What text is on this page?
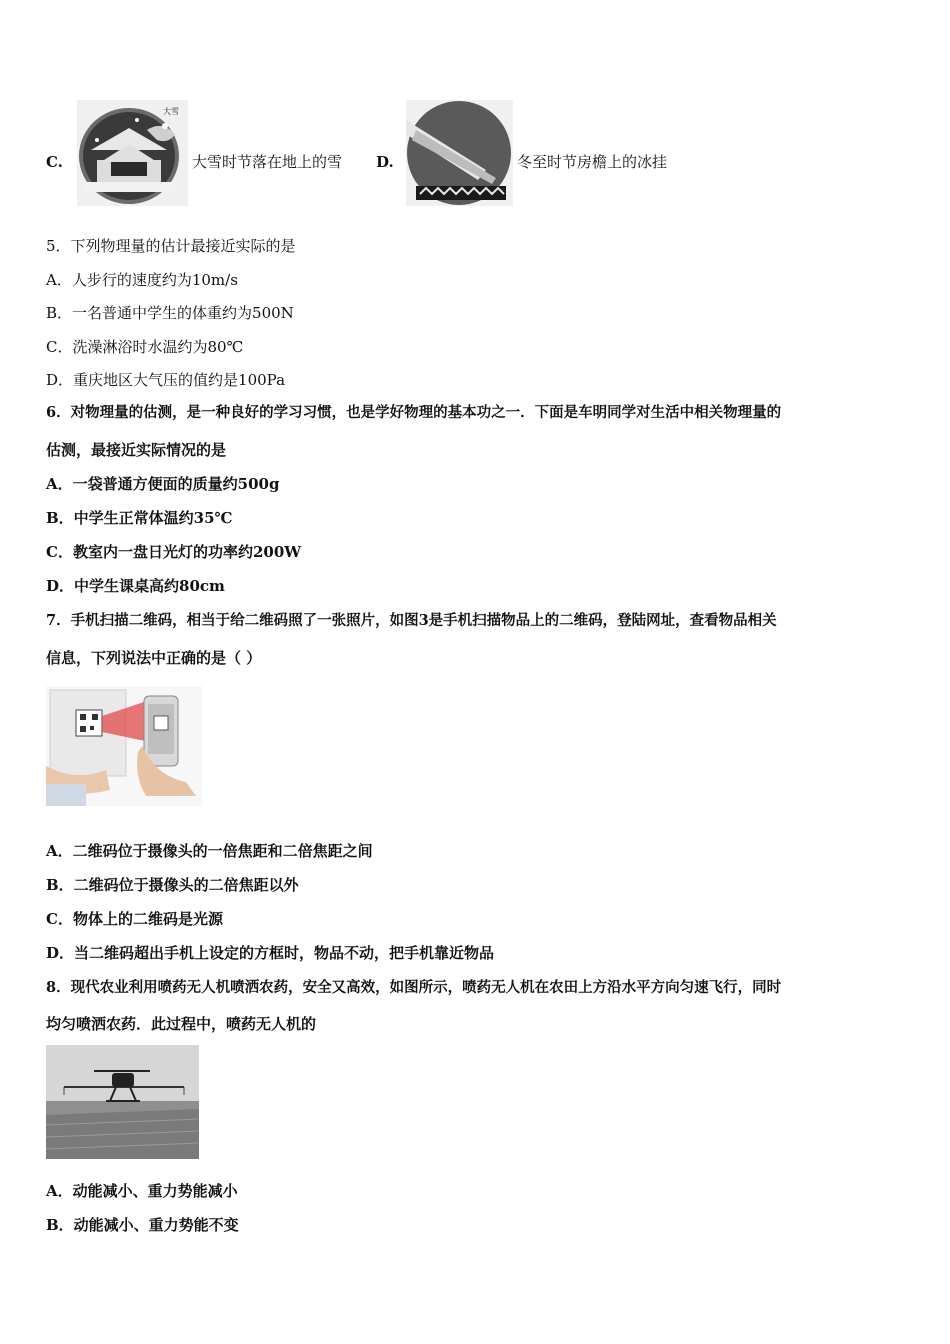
C.
大雪
大雪时节落在地上的雪 D.	冬至时节房檐上的冰挂
5．下列物理量的估计最接近实际的是
A．人步行的速度约为10m/s
B．一名普通中学生的体重约为500N
C．洗澡淋浴时水温约为80℃
D．重庆地区大气压的值约是100Pa
6．对物理量的估测，是一种良好的学习习惯，也是学好物理的基本功之一．下面是车明同学对生活中相关物理量的
估测，最接近实际情况的是
A．一袋普通方便面的质量约500g
B．中学生正常体温约35℃
C．教室内一盘日光灯的功率约200W
D．中学生课桌高约80cm
7．手机扫描二维码，相当于给二维码照了一张照片，如图3是手机扫描物品上的二维码，登陆网址，查看物品相关
信息，下列说法中正确的是（ ）
A．二维码位于摄像头的一倍焦距和二倍焦距之间
B．二维码位于摄像头的二倍焦距以外
C．物体上的二维码是光源
D．当二维码超出手机上设定的方框时，物品不动，把手机靠近物品
8．现代农业利用喷药无人机喷洒农药，安全又高效，如图所示，喷药无人机在农田上方沿水平方向匀速飞行，同时
均匀喷洒农药．此过程中，喷药无人机的
A．动能减小、重力势能减小
B．动能减小、重力势能不变
